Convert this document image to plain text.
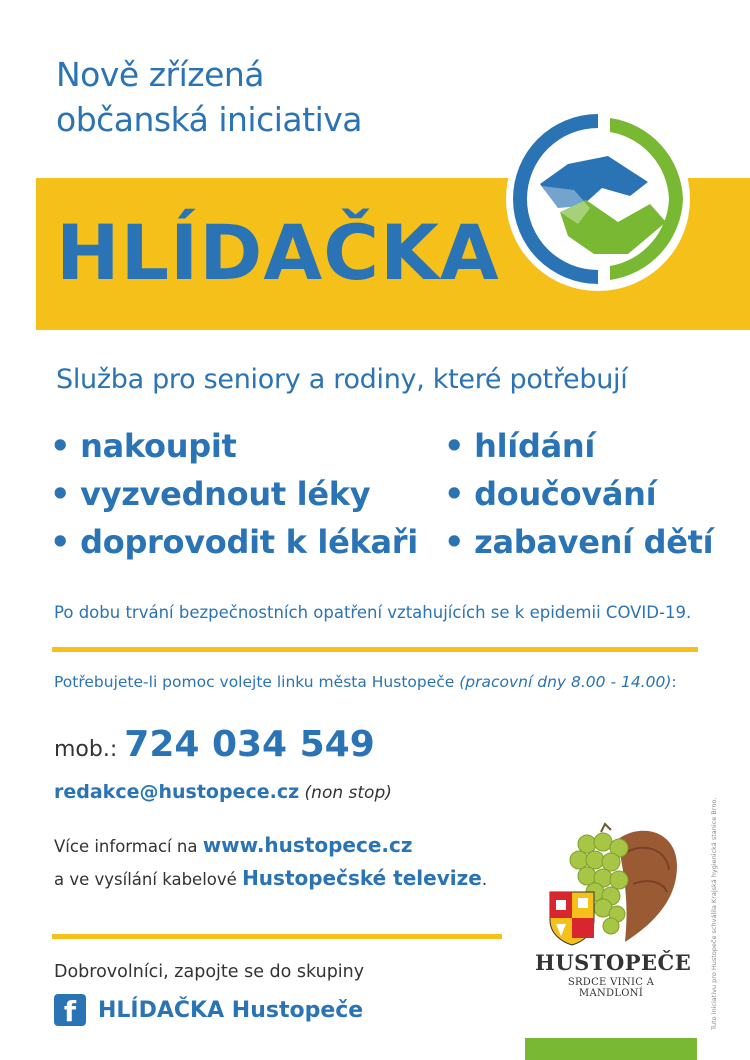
Nově zřízená
občanská iniciativa
HLÍDAČKA
Služba pro seniory a rodiny, které potřebují
• nakoupit
• vyzvednout léky
• doprovodit k lékaři
• hlídání
• doučování
• zabavení dětí
Po dobu trvání bezpečnostních opatření vztahujících se k epidemii COVID-19.
Potřebujete-li pomoc volejte linku města Hustopeče (pracovní dny 8.00 - 14.00):
mob.: 724 034 549
redakce@hustopece.cz (non stop)
Více informací na www.hustopece.cz
a ve vysílání kabelové Hustopečské televize.
Dobrovolníci, zapojte se do skupiny
f HLÍDAČKA Hustopeče
HUSTOPEČE
SRDCE VINIC A MANDLONÍ	Tuto iniciativu pro Hustopeče schválila Krajská hygienická stanice Brno.
